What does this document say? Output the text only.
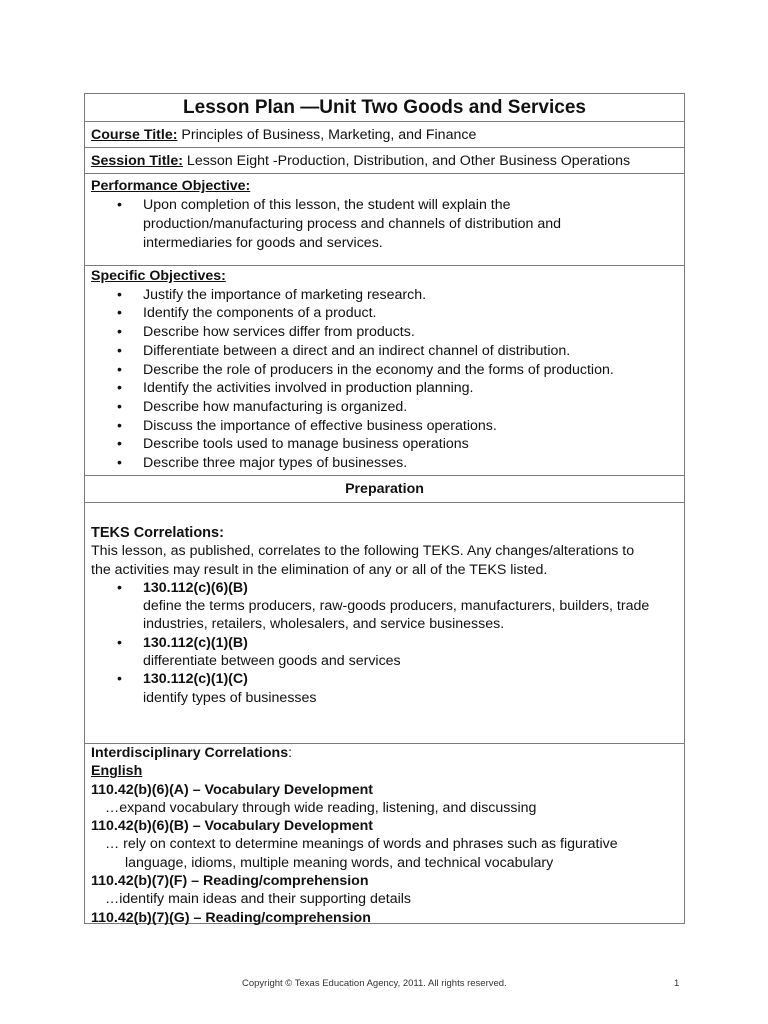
Lesson Plan —Unit Two Goods and Services
Course Title: Principles of Business, Marketing, and Finance
Session Title: Lesson Eight -Production, Distribution, and Other Business Operations
Performance Objective:
• Upon completion of this lesson, the student will explain the
production/manufacturing process and channels of distribution and
intermediaries for goods and services.
Specific Objectives:
• Justify the importance of marketing research.
• Identify the components of a product.
• Describe how services differ from products.
• Differentiate between a direct and an indirect channel of distribution.
• Describe the role of producers in the economy and the forms of production.
• Identify the activities involved in production planning.
• Describe how manufacturing is organized.
• Discuss the importance of effective business operations.
• Describe tools used to manage business operations
• Describe three major types of businesses.
Preparation
TEKS Correlations:
This lesson, as published, correlates to the following TEKS. Any changes/alterations to
the activities may result in the elimination of any or all of the TEKS listed.
• 130.112(c)(6)(B)
define the terms producers, raw-goods producers, manufacturers, builders, trade
industries, retailers, wholesalers, and service businesses.
• 130.112(c)(1)(B)
differentiate between goods and services
• 130.112(c)(1)(C)
identify types of businesses
Interdisciplinary Correlations:
English
110.42(b)(6)(A) – Vocabulary Development
…expand vocabulary through wide reading, listening, and discussing
110.42(b)(6)(B) – Vocabulary Development
… rely on context to determine meanings of words and phrases such as figurative
language, idioms, multiple meaning words, and technical vocabulary
110.42(b)(7)(F) – Reading/comprehension
…identify main ideas and their supporting details
110.42(b)(7)(G) – Reading/comprehension
Copyright © Texas Education Agency, 2011. All rights reserved.	1
